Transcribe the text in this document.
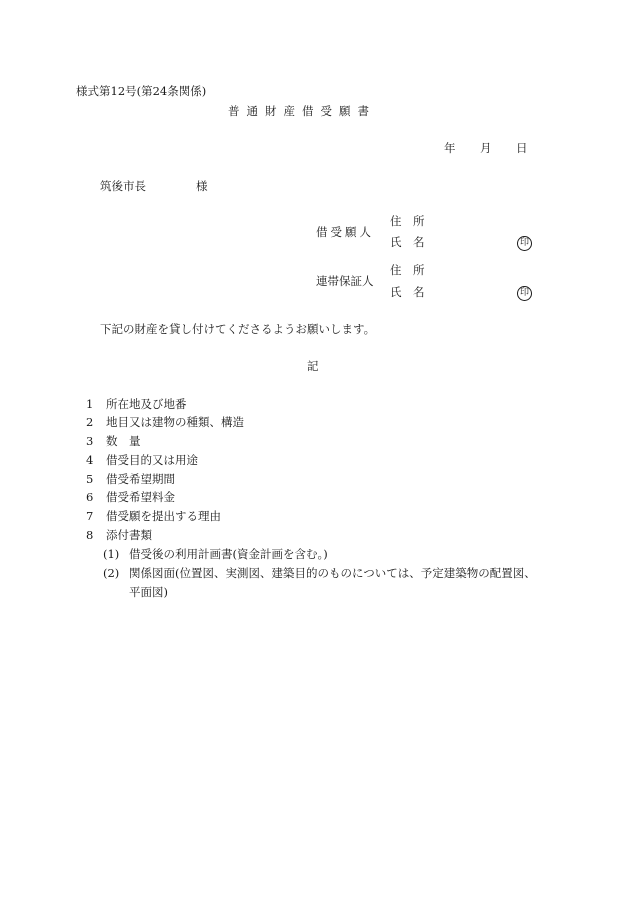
様式第12号(第24条関係)
普通財産借受願書
年 月 日
筑後市長	様
借受願人
住　所
氏　名	印
連帯保証人
住　所
氏　名	印
下記の財産を貸し付けてくださるようお願いします。
記
1 所在地及び地番
2 地目又は建物の種類、構造
3 数　量
4 借受目的又は用途
5 借受希望期間
6 借受希望料金
7 借受願を提出する理由
8 添付書類
(1) 借受後の利用計画書(資金計画を含む。)
(2) 関係図面(位置図、実測図、建築目的のものについては、予定建築物の配置図、
平面図)
